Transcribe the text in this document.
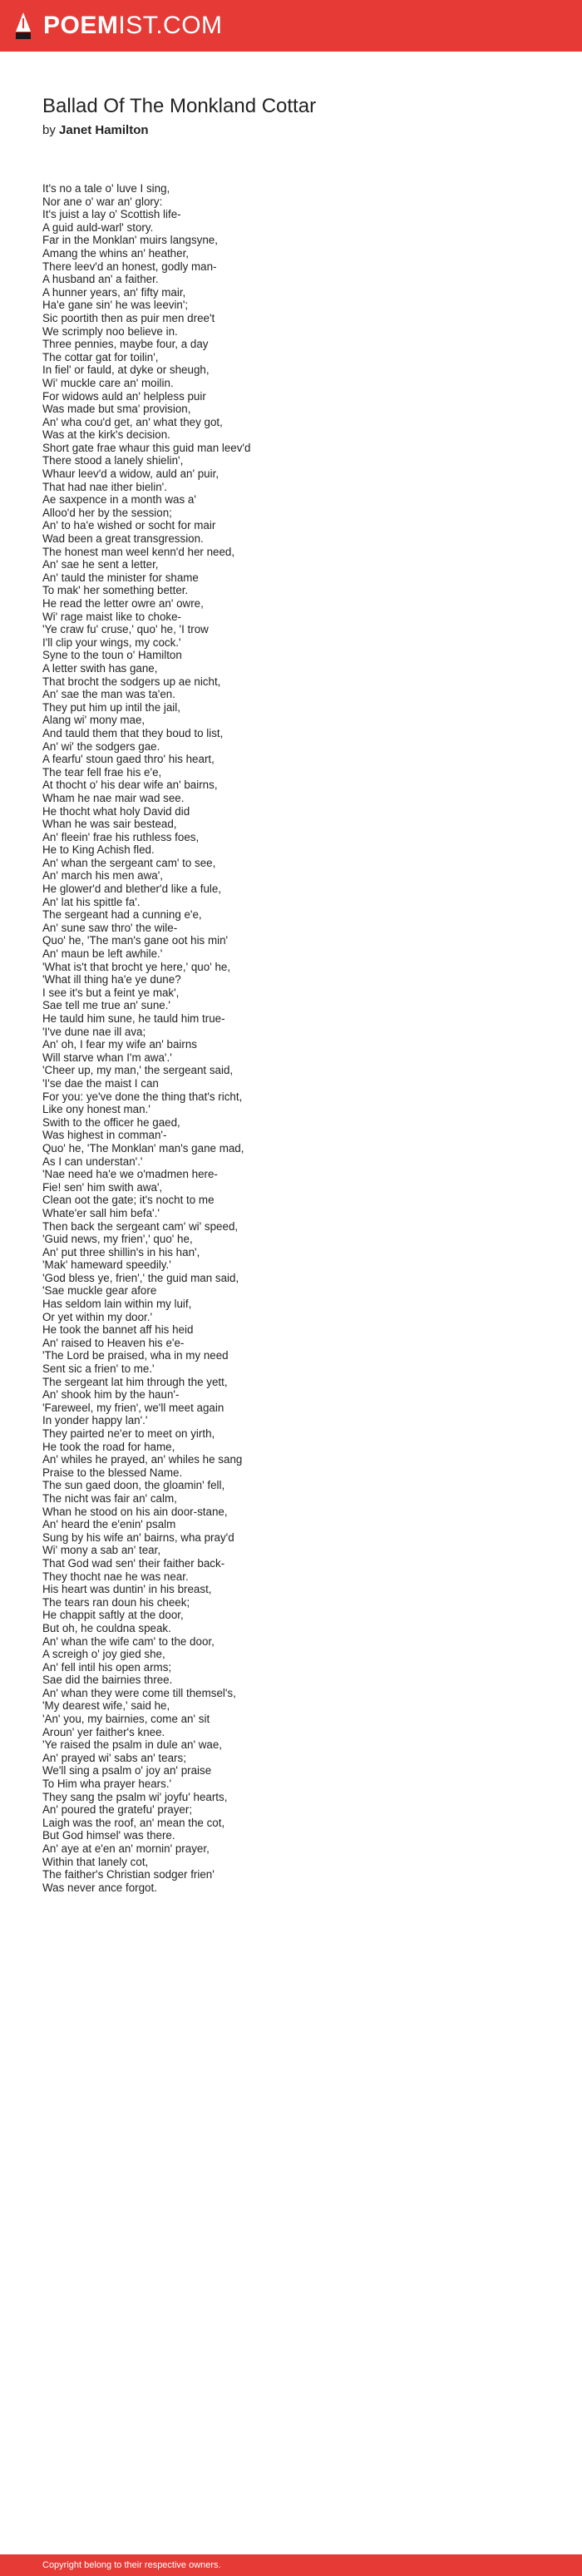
POEMIST.COM
Ballad Of The Monkland Cottar
by Janet Hamilton
It's no a tale o' luve I sing,
Nor ane o' war an' glory:
It's juist a lay o' Scottish life-
A guid auld-warl' story.
Far in the Monklan' muirs langsyne,
Amang the whins an' heather,
There leev'd an honest, godly man-
A husband an' a faither.
A hunner years, an' fifty mair,
Ha'e gane sin' he was leevin';
Sic poortith then as puir men dree't
We scrimply noo believe in.
Three pennies, maybe four, a day
The cottar gat for toilin',
In fiel' or fauld, at dyke or sheugh,
Wi' muckle care an' moilin.
For widows auld an' helpless puir
Was made but sma' provision,
An' wha cou'd get, an' what they got,
Was at the kirk's decision.
Short gate frae whaur this guid man leev'd
There stood a lanely shielin',
Whaur leev'd a widow, auld an' puir,
That had nae ither bielin'.
Ae saxpence in a month was a'
Alloo'd her by the session;
An' to ha'e wished or socht for mair
Wad been a great transgression.
The honest man weel kenn'd her need,
An' sae he sent a letter,
An' tauld the minister for shame
To mak' her something better.
He read the letter owre an' owre,
Wi' rage maist like to choke-
'Ye craw fu' cruse,' quo' he, 'I trow
I'll clip your wings, my cock.'
Syne to the toun o' Hamilton
A letter swith has gane,
That brocht the sodgers up ae nicht,
An' sae the man was ta'en.
They put him up intil the jail,
Alang wi' mony mae,
And tauld them that they boud to list,
An' wi' the sodgers gae.
A fearfu' stoun gaed thro' his heart,
The tear fell frae his e'e,
At thocht o' his dear wife an' bairns,
Wham he nae mair wad see.
He thocht what holy David did
Whan he was sair bestead,
An' fleein' frae his ruthless foes,
He to King Achish fled.
An' whan the sergeant cam' to see,
An' march his men awa',
He glower'd and blether'd like a fule,
An' lat his spittle fa'.
The sergeant had a cunning e'e,
An' sune saw thro' the wile-
Quo' he, 'The man's gane oot his min'
An' maun be left awhile.'
'What is't that brocht ye here,' quo' he,
'What ill thing ha'e ye dune?
I see it's but a feint ye mak',
Sae tell me true an' sune.'
He tauld him sune, he tauld him true-
'I've dune nae ill ava;
An' oh, I fear my wife an' bairns
Will starve whan I'm awa'.'
'Cheer up, my man,' the sergeant said,
'I'se dae the maist I can
For you: ye've done the thing that's richt,
Like ony honest man.'
Swith to the officer he gaed,
Was highest in comman'-
Quo' he, 'The Monklan' man's gane mad,
As I can understan'.'
'Nae need ha'e we o'madmen here-
Fie! sen' him swith awa',
Clean oot the gate; it's nocht to me
Whate'er sall him befa'.'
Then back the sergeant cam' wi' speed,
'Guid news, my frien',' quo' he,
An' put three shillin's in his han',
'Mak' hameward speedily.'
'God bless ye, frien',' the guid man said,
'Sae muckle gear afore
Has seldom lain within my luif,
Or yet within my door.'
He took the bannet aff his heid
An' raised to Heaven his e'e-
'The Lord be praised, wha in my need
Sent sic a frien' to me.'
The sergeant lat him through the yett,
An' shook him by the haun'-
'Fareweel, my frien', we'll meet again
In yonder happy lan'.'
They pairted ne'er to meet on yirth,
He took the road for hame,
An' whiles he prayed, an' whiles he sang
Praise to the blessed Name.
The sun gaed doon, the gloamin' fell,
The nicht was fair an' calm,
Whan he stood on his ain door-stane,
An' heard the e'enin' psalm
Sung by his wife an' bairns, wha pray'd
Wi' mony a sab an' tear,
That God wad sen' their faither back-
They thocht nae he was near.
His heart was duntin' in his breast,
The tears ran doun his cheek;
He chappit saftly at the door,
But oh, he couldna speak.
An' whan the wife cam' to the door,
A screigh o' joy gied she,
An' fell intil his open arms;
Sae did the bairnies three.
An' whan they were come till themsel's,
'My dearest wife,' said he,
'An' you, my bairnies, come an' sit
Aroun' yer faither's knee.
'Ye raised the psalm in dule an' wae,
An' prayed wi' sabs an' tears;
We'll sing a psalm o' joy an' praise
To Him wha prayer hears.'
They sang the psalm wi' joyfu' hearts,
An' poured the gratefu' prayer;
Laigh was the roof, an' mean the cot,
But God himsel' was there.
An' aye at e'en an' mornin' prayer,
Within that lanely cot,
The faither's Christian sodger frien'
Was never ance forgot.
Copyright belong to their respective owners.
